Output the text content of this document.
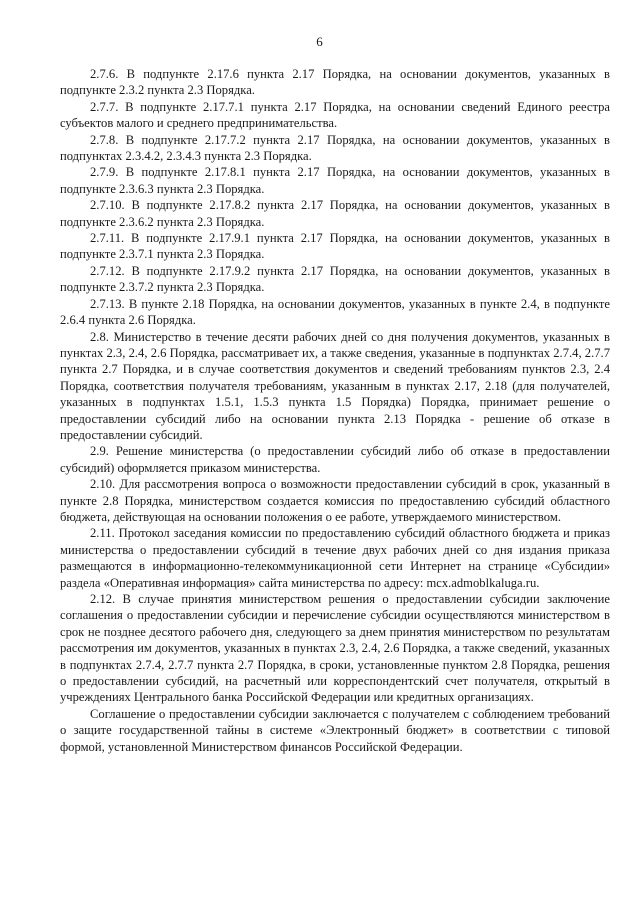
6

2.7.6. В подпункте 2.17.6 пункта 2.17 Порядка, на основании документов, указанных в подпункте 2.3.2 пункта 2.3 Порядка.

2.7.7. В подпункте 2.17.7.1 пункта 2.17 Порядка, на основании сведений Единого реестра субъектов малого и среднего предпринимательства.

2.7.8. В подпункте 2.17.7.2 пункта 2.17 Порядка, на основании документов, указанных в подпунктах 2.3.4.2, 2.3.4.3 пункта 2.3 Порядка.

2.7.9. В подпункте 2.17.8.1 пункта 2.17 Порядка, на основании документов, указанных в подпункте 2.3.6.3 пункта 2.3 Порядка.

2.7.10. В подпункте 2.17.8.2 пункта 2.17 Порядка, на основании документов, указанных в подпункте 2.3.6.2 пункта 2.3 Порядка.

2.7.11. В подпункте 2.17.9.1 пункта 2.17 Порядка, на основании документов, указанных в подпункте 2.3.7.1 пункта 2.3 Порядка.

2.7.12. В подпункте 2.17.9.2 пункта 2.17 Порядка, на основании документов, указанных в подпункте 2.3.7.2 пункта 2.3 Порядка.

2.7.13. В пункте 2.18 Порядка, на основании документов, указанных в пункте 2.4, в подпункте 2.6.4 пункта 2.6 Порядка.

2.8. Министерство в течение десяти рабочих дней со дня получения документов, указанных в пунктах 2.3, 2.4, 2.6 Порядка, рассматривает их, а также сведения, указанные в подпунктах 2.7.4, 2.7.7 пункта 2.7 Порядка, и в случае соответствия документов и сведений требованиям пунктов 2.3, 2.4 Порядка, соответствия получателя требованиям, указанным в пунктах 2.17, 2.18 (для получателей, указанных в подпунктах 1.5.1, 1.5.3 пункта 1.5 Порядка) Порядка, принимает решение о предоставлении субсидий либо на основании пункта 2.13 Порядка - решение об отказе в предоставлении субсидий.

2.9. Решение министерства (о предоставлении субсидий либо об отказе в предоставлении субсидий) оформляется приказом министерства.

2.10. Для рассмотрения вопроса о возможности предоставлении субсидий в срок, указанный в пункте 2.8 Порядка, министерством создается комиссия по предоставлению субсидий областного бюджета, действующая на основании положения о ее работе, утверждаемого министерством.

2.11. Протокол заседания комиссии по предоставлению субсидий областного бюджета и приказ министерства о предоставлении субсидий в течение двух рабочих дней со дня издания приказа размещаются в информационно-телекоммуникационной сети Интернет на странице «Субсидии» раздела «Оперативная информация» сайта министерства по адресу: mcx.admoblkaluga.ru.

2.12. В случае принятия министерством решения о предоставлении субсидии заключение соглашения о предоставлении субсидии и перечисление субсидии осуществляются министерством в срок не позднее десятого рабочего дня, следующего за днем принятия министерством по результатам рассмотрения им документов, указанных в пунктах 2.3, 2.4, 2.6 Порядка, а также сведений, указанных в подпунктах 2.7.4, 2.7.7 пункта 2.7 Порядка, в сроки, установленные пунктом 2.8 Порядка, решения о предоставлении субсидий, на расчетный или корреспондентский счет получателя, открытый в учреждениях Центрального банка Российской Федерации или кредитных организациях.

Соглашение о предоставлении субсидии заключается с получателем с соблюдением требований о защите государственной тайны в системе «Электронный бюджет» в соответствии с типовой формой, установленной Министерством финансов Российской Федерации.
